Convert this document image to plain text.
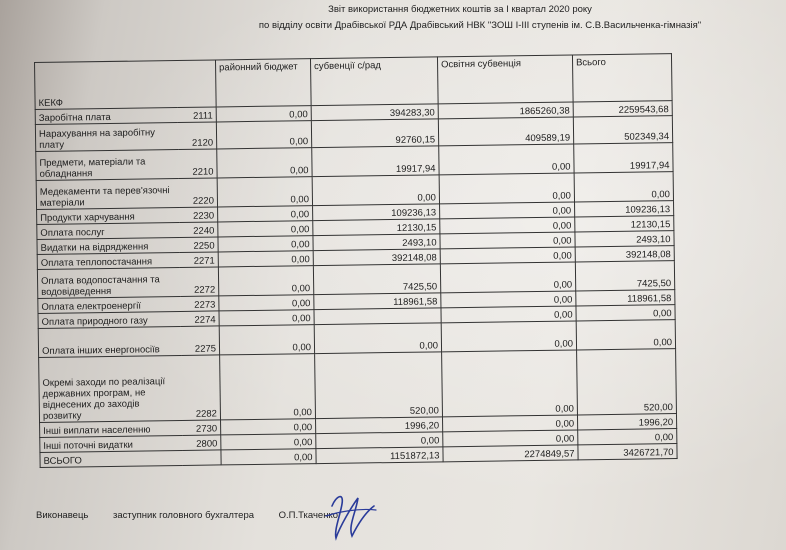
Звіт використання бюджетних коштів за I квартал 2020 року
по відділу освіти Драбівської РДА Драбівський НВК "ЗОШ I-III ступенів ім. С.В.Васильченка-гімназія"
КЕКФ		районний бюджет	субвенції с/рад	Освітня субвенція	Всього
Заробітна плата	2111	0,00	394283,30	1865260,38	2259543,68
Нарахування на заробітну плату	2120	0,00	92760,15	409589,19	502349,34
Предмети, матеріали та обладнання	2210	0,00	19917,94	0,00	19917,94
Медекаменти та перев'язочні матеріали	2220	0,00	0,00	0,00	0,00
Продукти харчування	2230	0,00	109236,13	0,00	109236,13
Оплата послуг	2240	0,00	12130,15	0,00	12130,15
Видатки на відрядження	2250	0,00	2493,10	0,00	2493,10
Оплата теплопостачання	2271	0,00	392148,08	0,00	392148,08
Оплата водопостачання та водовідведення	2272	0,00	7425,50	0,00	7425,50
Оплата електроенергії	2273	0,00	118961,58	0,00	118961,58
Оплата природного газу	2274	0,00		0,00	0,00
Оплата інших енергоносіїв	2275	0,00	0,00	0,00	0,00
Окремі заходи по реалізації державних програм, не віднесених до заходів розвитку	2282	0,00	520,00	0,00	520,00
Інші виплати населенню	2730	0,00	1996,20	0,00	1996,20
Інші поточні видатки	2800	0,00	0,00	0,00	0,00
ВСЬОГО		0,00	1151872,13	2274849,57	3426721,70
Виконавець	заступник головного бухгалтера	О.П.Ткаченко
